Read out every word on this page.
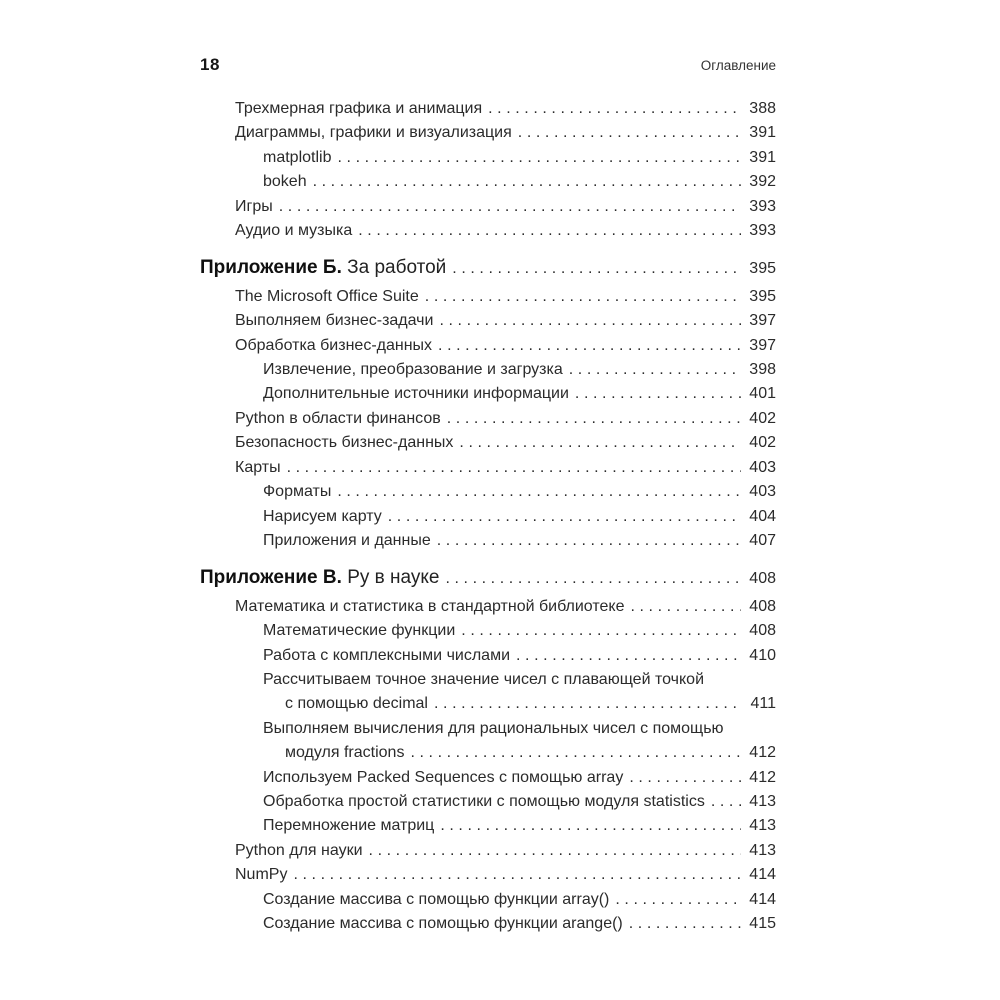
18	Оглавление
Трехмерная графика и анимация .....	388
Диаграммы, графики и визуализация .....	391
matplotlib .....	391
bokeh .....	392
Игры .....	393
Аудио и музыка .....	393
Приложение Б. За работой .....	395
The Microsoft Office Suite .....	395
Выполняем бизнес-задачи .....	397
Обработка бизнес-данных .....	397
Извлечение, преобразование и загрузка .....	398
Дополнительные источники информации .....	401
Python в области финансов .....	402
Безопасность бизнес-данных .....	402
Карты .....	403
Форматы .....	403
Нарисуем карту .....	404
Приложения и данные .....	407
Приложение В. Py в науке .....	408
Математика и статистика в стандартной библиотеке .....	408
Математические функции .....	408
Работа с комплексными числами .....	410
Рассчитываем точное значение чисел с плавающей точкой
с помощью decimal .....	411
Выполняем вычисления для рациональных чисел с помощью
модуля fractions .....	412
Используем Packed Sequences с помощью array .....	412
Обработка простой статистики с помощью модуля statistics .....	413
Перемножение матриц .....	413
Python для науки .....	413
NumPy .....	414
Создание массива с помощью функции array() .....	414
Создание массива с помощью функции arange() .....	415
